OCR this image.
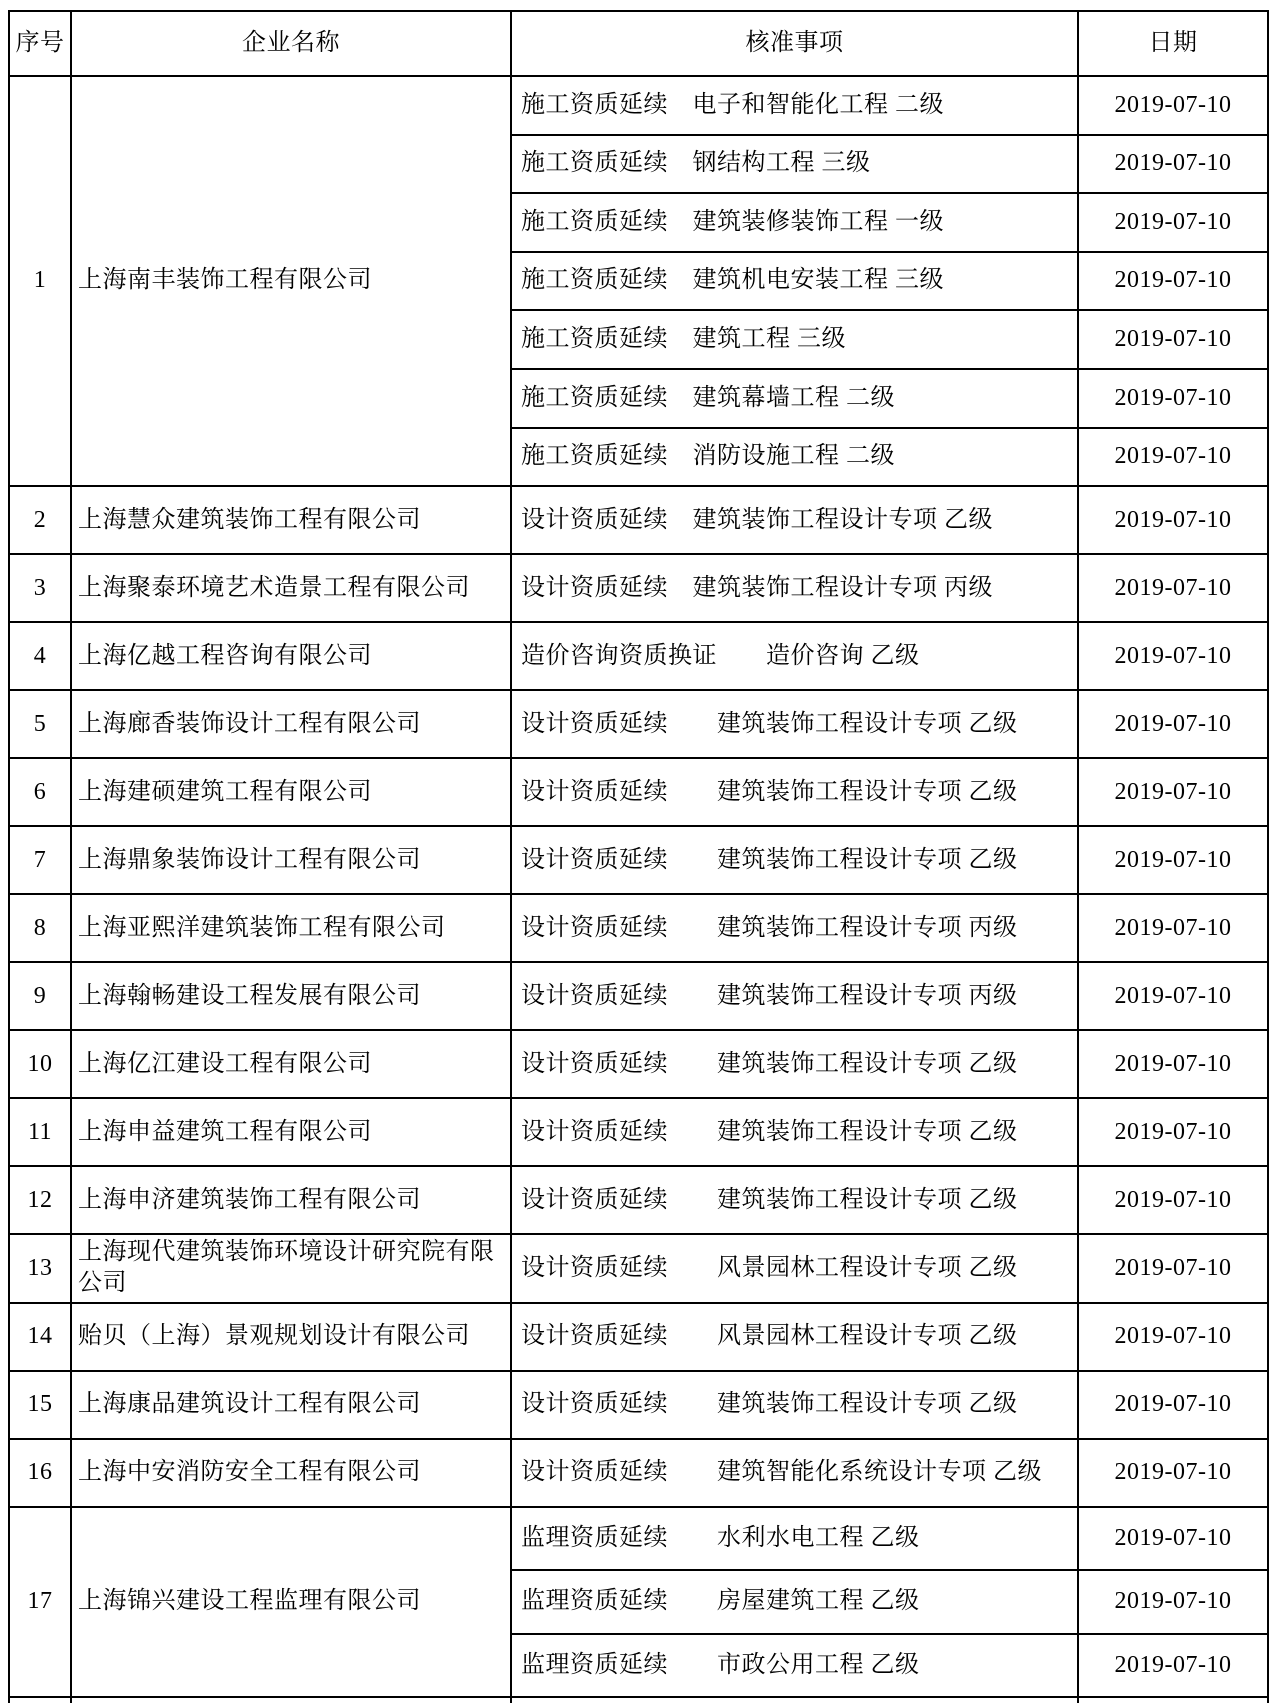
序号	企业名称	核准事项	日期
1	上海南丰装饰工程有限公司	施工资质延续　电子和智能化工程 二级	2019-07-10
		施工资质延续　钢结构工程 三级	2019-07-10
		施工资质延续　建筑装修装饰工程 一级	2019-07-10
		施工资质延续　建筑机电安装工程 三级	2019-07-10
		施工资质延续　建筑工程 三级	2019-07-10
		施工资质延续　建筑幕墙工程 二级	2019-07-10
		施工资质延续　消防设施工程 二级	2019-07-10
2	上海慧众建筑装饰工程有限公司	设计资质延续　建筑装饰工程设计专项 乙级	2019-07-10
3	上海聚泰环境艺术造景工程有限公司	设计资质延续　建筑装饰工程设计专项 丙级	2019-07-10
4	上海亿越工程咨询有限公司	造价咨询资质换证　　造价咨询 乙级	2019-07-10
5	上海廊香装饰设计工程有限公司	设计资质延续　　建筑装饰工程设计专项 乙级	2019-07-10
6	上海建硕建筑工程有限公司	设计资质延续　　建筑装饰工程设计专项 乙级	2019-07-10
7	上海鼎象装饰设计工程有限公司	设计资质延续　　建筑装饰工程设计专项 乙级	2019-07-10
8	上海亚熙洋建筑装饰工程有限公司	设计资质延续　　建筑装饰工程设计专项 丙级	2019-07-10
9	上海翰畅建设工程发展有限公司	设计资质延续　　建筑装饰工程设计专项 丙级	2019-07-10
10	上海亿江建设工程有限公司	设计资质延续　　建筑装饰工程设计专项 乙级	2019-07-10
11	上海申益建筑工程有限公司	设计资质延续　　建筑装饰工程设计专项 乙级	2019-07-10
12	上海申济建筑装饰工程有限公司	设计资质延续　　建筑装饰工程设计专项 乙级	2019-07-10
13	上海现代建筑装饰环境设计研究院有限公司	设计资质延续　　风景园林工程设计专项 乙级	2019-07-10
14	贻贝（上海）景观规划设计有限公司	设计资质延续　　风景园林工程设计专项 乙级	2019-07-10
15	上海康品建筑设计工程有限公司	设计资质延续　　建筑装饰工程设计专项 乙级	2019-07-10
16	上海中安消防安全工程有限公司	设计资质延续　　建筑智能化系统设计专项 乙级	2019-07-10
17	上海锦兴建设工程监理有限公司	监理资质延续　　水利水电工程 乙级	2019-07-10
		监理资质延续　　房屋建筑工程 乙级	2019-07-10
		监理资质延续　　市政公用工程 乙级	2019-07-10
